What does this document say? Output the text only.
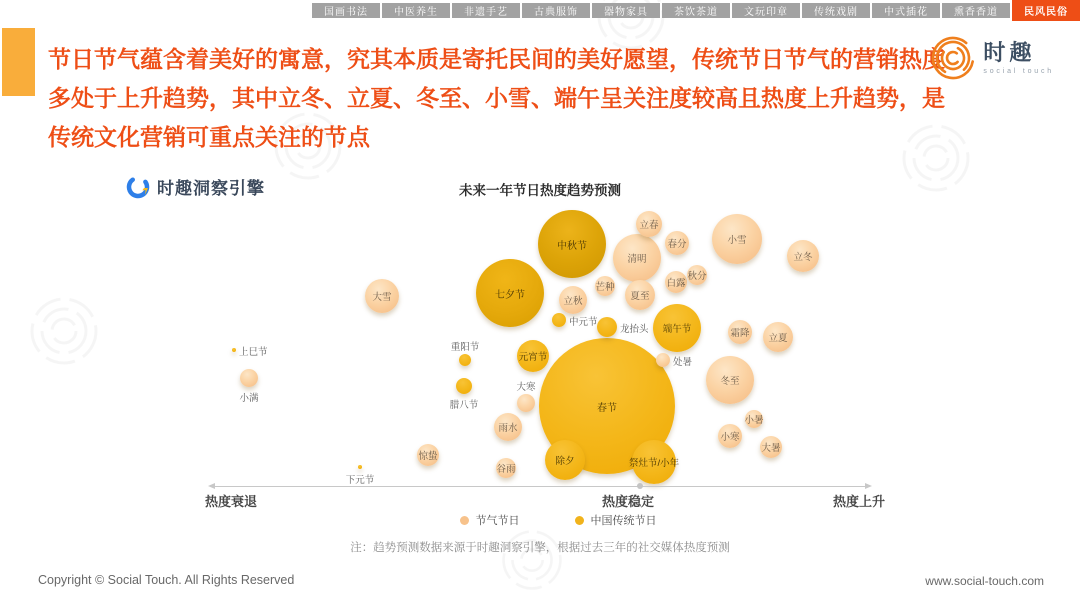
国画书法	中医养生	非遗手艺	古典服饰	器物家具	茶饮茶道	文玩印章	传统戏剧	中式插花	熏香香道	民风民俗
节日节气蕴含着美好的寓意，究其本质是寄托民间的美好愿望，传统节日节气的营销热度多处于上升趋势，其中立冬、立夏、冬至、小雪、端午呈关注度较高且热度上升趋势，是传统文化营销可重点关注的节点
时趣
social touch
时趣洞察引擎	未来一年节日热度趋势预测
春节
七夕节
中秋节	小雪
清明
端午节
冬至
祭灶节/小年
除夕
大雪
元宵节
立冬
夏至
立夏
雨水
立秋
立春
春分
小寒
霜降
惊蛰
白露
大暑
谷雨
芒种
龙抬头
秋分
小满
大寒
小暑
腊八节
中元节
处暑
重阳节
上巳节
下元节
热度衰退	热度稳定	热度上升
节气节日	中国传统节日
注：趋势预测数据来源于时趣洞察引擎，根据过去三年的社交媒体热度预测
Copyright © Social Touch. All Rights Reserved	www.social-touch.com
